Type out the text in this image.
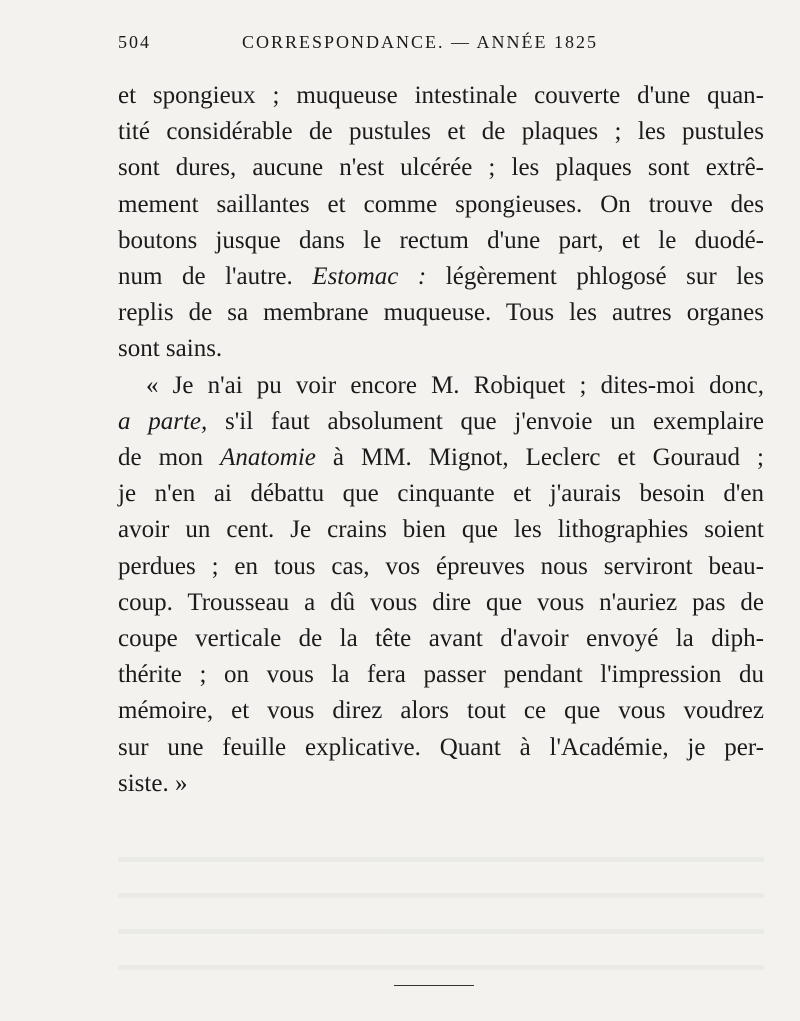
504	CORRESPONDANCE. — ANNÉE 1825

et spongieux ; muqueuse intestinale couverte d'une quan-
tité considérable de pustules et de plaques ; les pustules
sont dures, aucune n'est ulcérée ; les plaques sont extrê-
mement saillantes et comme spongieuses. On trouve des
boutons jusque dans le rectum d'une part, et le duodé-
num de l'autre. Estomac : légèrement phlogosé sur les
replis de sa membrane muqueuse. Tous les autres organes
sont sains.

« Je n'ai pu voir encore M. Robiquet ; dites-moi donc,
a parte, s'il faut absolument que j'envoie un exemplaire
de mon Anatomie à MM. Mignot, Leclerc et Gouraud ;
je n'en ai débattu que cinquante et j'aurais besoin d'en
avoir un cent. Je crains bien que les lithographies soient
perdues ; en tous cas, vos épreuves nous serviront beau-
coup. Trousseau a dû vous dire que vous n'auriez pas de
coupe verticale de la tête avant d'avoir envoyé la diph-
thérite ; on vous la fera passer pendant l'impression du
mémoire, et vous direz alors tout ce que vous voudrez
sur une feuille explicative. Quant à l'Académie, je per-
siste. »
